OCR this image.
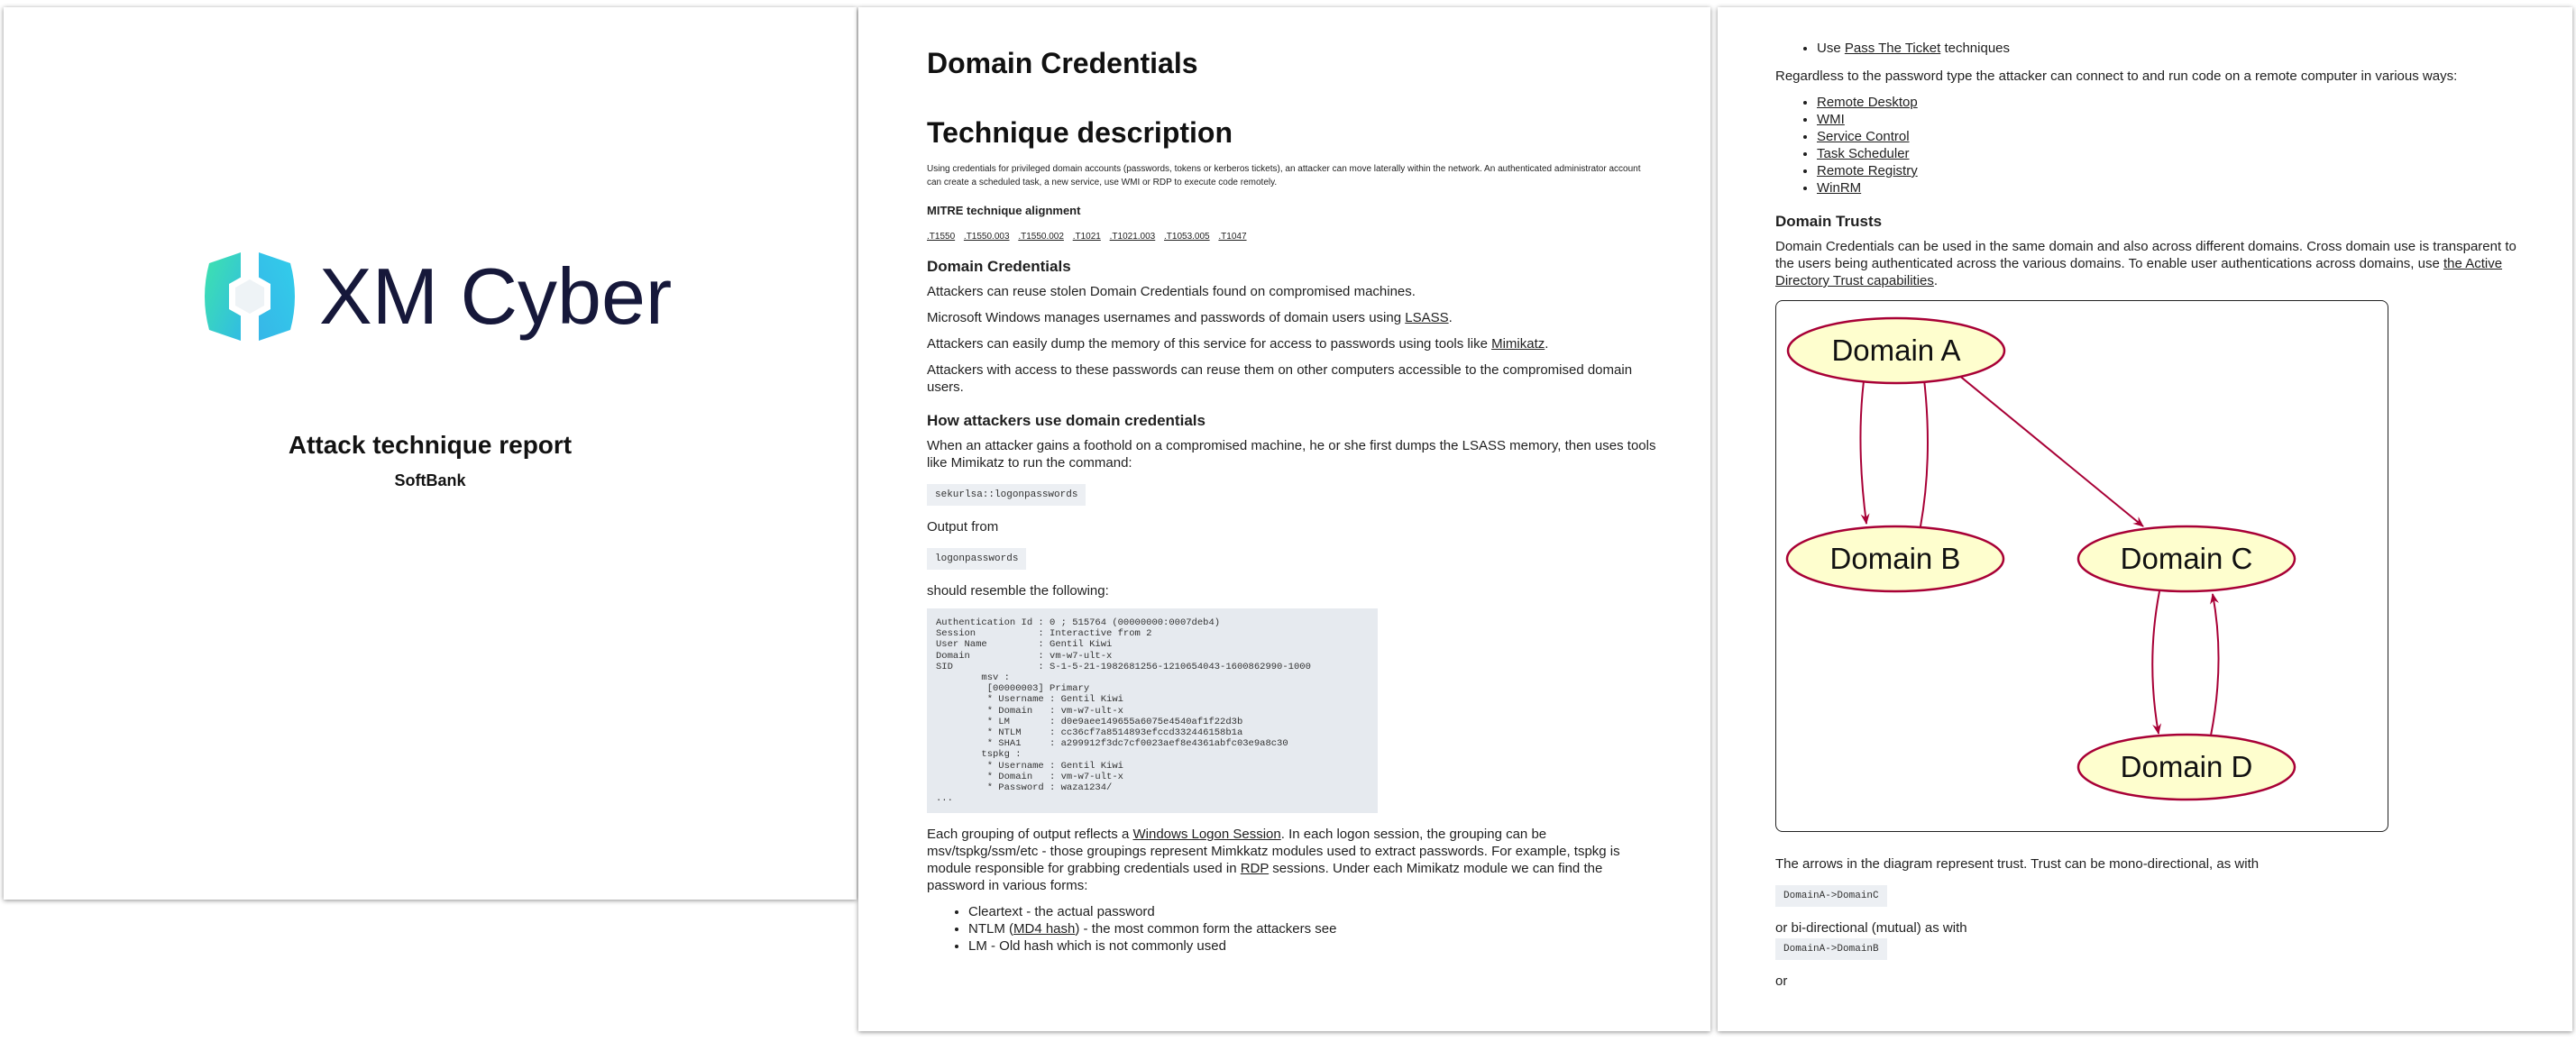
XM Cyber
Attack technique report
SoftBank
Domain Credentials
Technique description

Using credentials for privileged domain accounts (passwords, tokens or kerberos tickets), an attacker can move laterally within the network. An authenticated administrator account can create a scheduled task, a new service, use WMI or RDP to execute code remotely.

MITRE technique alignment
.T1550 .T1550.003 .T1550.002 .T1021 .T1021.003 .T1053.005 .T1047
Domain Credentials

Attackers can reuse stolen Domain Credentials found on compromised machines.

Microsoft Windows manages usernames and passwords of domain users using LSASS.

Attackers can easily dump the memory of this service for access to passwords using tools like Mimikatz.

Attackers with access to these passwords can reuse them on other computers accessible to the compromised domain users.

How attackers use domain credentials

When an attacker gains a foothold on a compromised machine, he or she first dumps the LSASS memory, then uses tools like Mimikatz to run the command:

sekurlsa::logonpasswords

Output from

logonpasswords

should resemble the following:

Authentication Id : 0 ; 515764 (00000000:0007deb4)
Session           : Interactive from 2
User Name         : Gentil Kiwi
Domain            : vm-w7-ult-x
SID               : S-1-5-21-1982681256-1210654043-1600862990-1000
msv :
[00000003] Primary
* Username : Gentil Kiwi
* Domain   : vm-w7-ult-x
* LM       : d0e9aee149655a6075e4540af1f22d3b
* NTLM     : cc36cf7a8514893efccd332446158b1a
* SHA1     : a299912f3dc7cf0023aef8e4361abfc03e9a8c30
tspkg :
* Username : Gentil Kiwi
* Domain   : vm-w7-ult-x
* Password : waza1234/
...

Each grouping of output reflects a Windows Logon Session. In each logon session, the grouping can be msv/tspkg/ssm/etc - those groupings represent Mimkkatz modules used to extract passwords. For example, tspkg is module responsible for grabbing credentials used in RDP sessions. Under each Mimikatz module we can find the password in various forms:

• Cleartext - the actual password
• NTLM (MD4 hash) - the most common form the attackers see
• LM - Old hash which is not commonly used
• Use Pass The Ticket techniques

Regardless to the password type the attacker can connect to and run code on a remote computer in various ways:

• Remote Desktop
• WMI
• Service Control
• Task Scheduler
• Remote Registry
• WinRM
Domain Trusts

Domain Credentials can be used in the same domain and also across different domains. Cross domain use is transparent to the users being authenticated across the various domains. To enable user authentications across domains, use the Active Directory Trust capabilities.

Domain A
Domain B	Domain C
Domain D

The arrows in the diagram represent trust. Trust can be mono-directional, as with

DomainA->DomainC

or bi-directional (mutual) as with

DomainA->DomainB

or
